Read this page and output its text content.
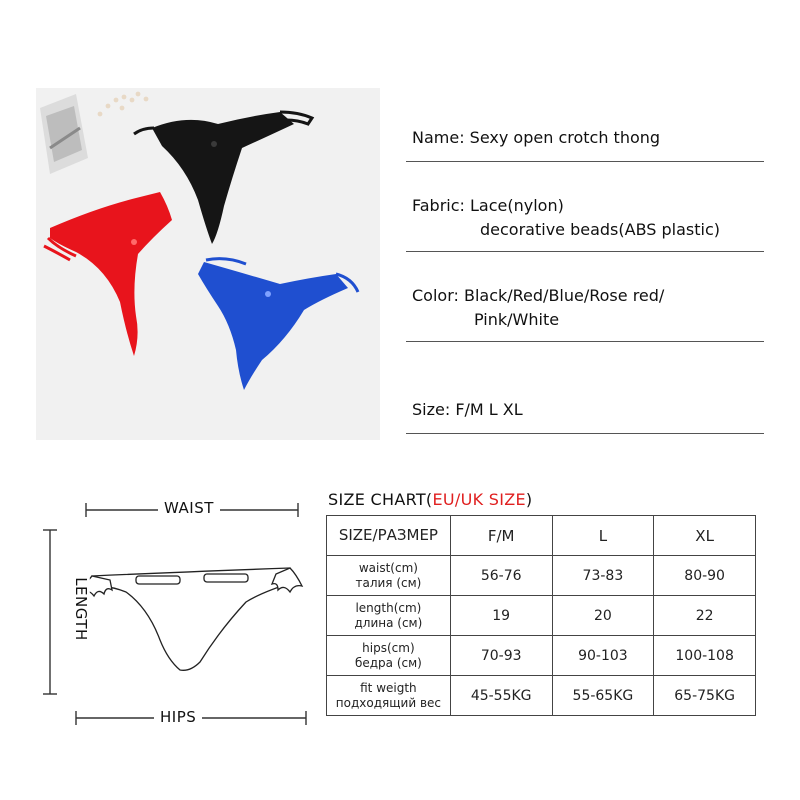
Name: Sexy open crotch thong
Fabric: Lace(nylon)
decorative beads(ABS plastic)
Color: Black/Red/Blue/Rose red/
Pink/White
Size: F/M L XL
WAIST
LENGTH
HIPS
SIZE CHART(EU/UK SIZE)
SIZE/РАЗМЕР	F/M	L	XL
waist(cm)
талия (см)	56-76	73-83	80-90
length(cm)
длина (см)	19	20	22
hips(cm)
бедра (см)	70-93	90-103	100-108
fit weigth
подходящий вес	45-55KG	55-65KG	65-75KG
